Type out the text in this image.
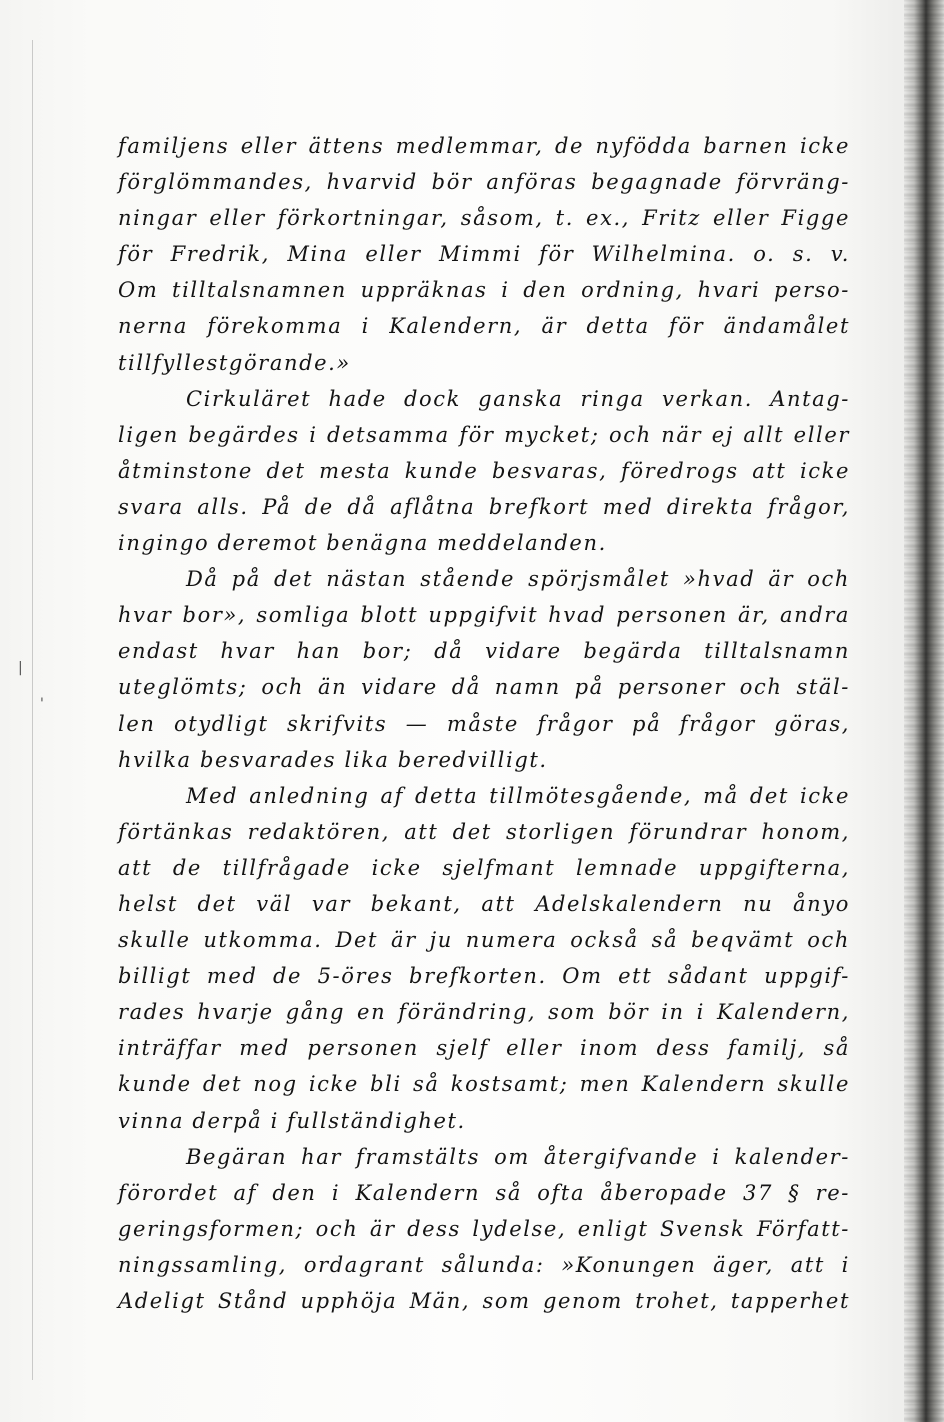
|
'
familjens eller ättens medlemmar, de nyfödda barnen icke
förglömmandes, hvarvid bör anföras begagnade förvräng-
ningar eller förkortningar, såsom, t. ex., Fritz eller Figge
för Fredrik, Mina eller Mimmi för Wilhelmina. o. s. v.
Om tilltalsnamnen uppräknas i den ordning, hvari perso-
nerna förekomma i Kalendern, är detta för ändamålet
tillfyllestgörande.»
Cirkuläret hade dock ganska ringa verkan. Antag-
ligen begärdes i detsamma för mycket; och när ej allt eller
åtminstone det mesta kunde besvaras, föredrogs att icke
svara alls. På de då aflåtna brefkort med direkta frågor,
ingingo deremot benägna meddelanden.
Då på det nästan stående spörjsmålet »hvad är och
hvar bor», somliga blott uppgifvit hvad personen är, andra
endast hvar han bor; då vidare begärda tilltalsnamn
uteglömts; och än vidare då namn på personer och stäl-
len otydligt skrifvits — måste frågor på frågor göras,
hvilka besvarades lika beredvilligt.
Med anledning af detta tillmötesgående, må det icke
förtänkas redaktören, att det storligen förundrar honom,
att de tillfrågade icke sjelfmant lemnade uppgifterna,
helst det väl var bekant, att Adelskalendern nu ånyo
skulle utkomma. Det är ju numera också så beqvämt och
billigt med de 5-öres brefkorten. Om ett sådant uppgif-
rades hvarje gång en förändring, som bör in i Kalendern,
inträffar med personen sjelf eller inom dess familj, så
kunde det nog icke bli så kostsamt; men Kalendern skulle
vinna derpå i fullständighet.
Begäran har framstälts om återgifvande i kalender-
förordet af den i Kalendern så ofta åberopade 37 § re-
geringsformen; och är dess lydelse, enligt Svensk Författ-
ningssamling, ordagrant sålunda: »Konungen äger, att i
Adeligt Stånd upphöja Män, som genom trohet, tapperhet
